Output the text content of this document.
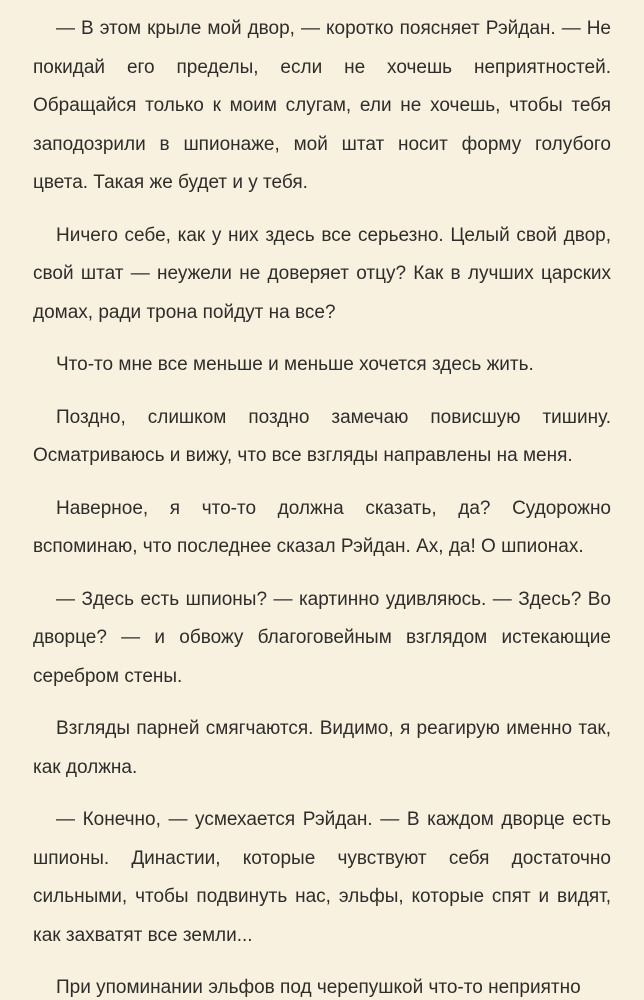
— В этом крыле мой двор, — коротко поясняет Рэйдан. — Не покидай его пределы, если не хочешь неприятностей. Обращайся только к моим слугам, ели не хочешь, чтобы тебя заподозрили в шпионаже, мой штат носит форму голубого цвета. Такая же будет и у тебя.

Ничего себе, как у них здесь все серьезно. Целый свой двор, свой штат — неужели не доверяет отцу? Как в лучших царских домах, ради трона пойдут на все?

Что-то мне все меньше и меньше хочется здесь жить.

Поздно, слишком поздно замечаю повисшую тишину. Осматриваюсь и вижу, что все взгляды направлены на меня.

Наверное, я что-то должна сказать, да? Судорожно вспоминаю, что последнее сказал Рэйдан. Ах, да! О шпионах.

— Здесь есть шпионы? — картинно удивляюсь. — Здесь? Во дворце? — и обвожу благоговейным взглядом истекающие серебром стены.

Взгляды парней смягчаются. Видимо, я реагирую именно так, как должна.

— Конечно, — усмехается Рэйдан. — В каждом дворце есть шпионы. Династии, которые чувствуют себя достаточно сильными, чтобы подвинуть нас, эльфы, которые спят и видят, как захватят все земли...

При упоминании эльфов под черепушкой что-то неприятно
